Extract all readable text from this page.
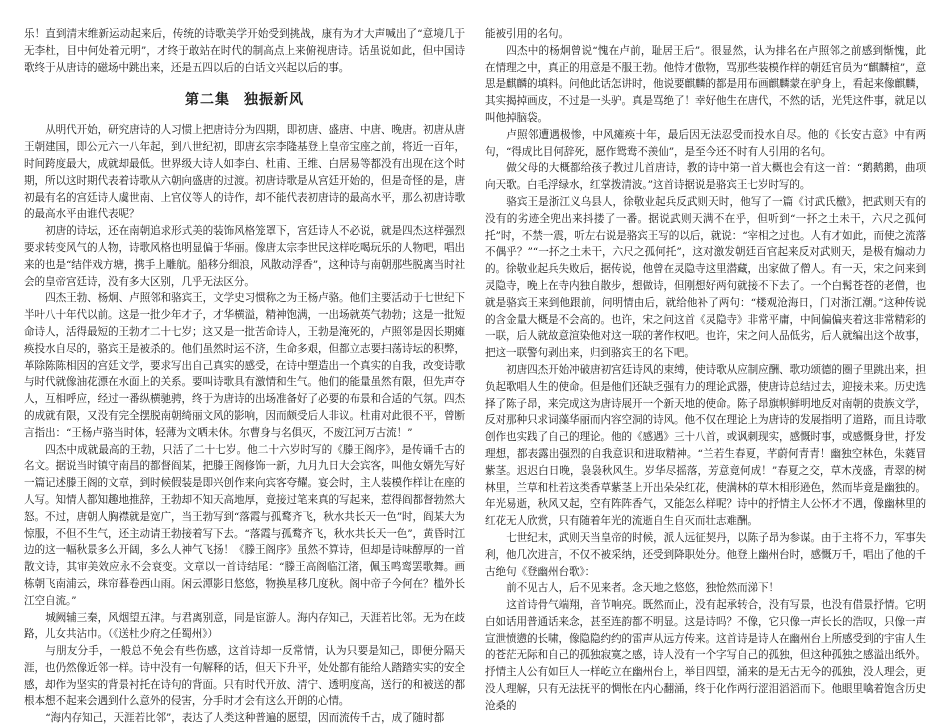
乐！直到清末维新运动起来后，传统的诗歌美学开始受到挑战，康有为才大声喊出了“意境几于无李杜，目中何处着元明”，才终于敢站在时代的制高点上来俯视唐诗。话虽说如此，但中国诗歌终于从唐诗的磁场中跳出来，还是五四以后的白话文兴起以后的事。

第二集 独振新风

从明代开始，研究唐诗的人习惯上把唐诗分为四期，即初唐、盛唐、中唐、晚唐。初唐从唐王朝建国，即公元六一八年起，到八世纪初，即唐玄宗李隆基登上皇帝宝座之前，将近一百年，时间跨度最大，成就却最低。世界级大诗人如李白、杜甫、王维、白居易等都没有出现在这个时期，所以这时期代表着诗歌从六朝向盛唐的过渡。初唐诗歌是从宫廷开始的，但是奇怪的是，唐初最有名的宫廷诗人虞世南、上官仪等人的诗作，却不能代表初唐诗的最高水平，那么初唐诗歌的最高水平由谁代表呢？

初唐的诗坛，还在南朝追求形式美的装饰风格笼罩下，宫廷诗人不必说，就是四杰这样强烈要求转变风气的人物，诗歌风格也明显偏于华丽。像唐太宗李世民这样吃喝玩乐的人物吧，唱出来的也是“结伴戏方塘，携手上雕航。船移分细浪，风散动浮香”，这种诗与南朝那些脱离当时社会的皇帝宫廷诗，没有多大区别，几乎无法区分。

四杰王勃、杨炯、卢照邻和骆宾王，文学史习惯称之为王杨卢骆。他们主要活动于七世纪下半叶八十年代以前。这是一批少年才子，才华横溢，精神饱满，一出场就英气勃勃；这是一批短命诗人，活得最短的王勃才二十七岁；这又是一批苦命诗人，王勃是淹死的，卢照邻是因长期瘫痪投水自尽的，骆宾王是被杀的。他们虽然时运不济，生命多艰，但都立志要扫荡诗坛的积弊，革除陈陈相因的宫廷文学，要求写出自己真实的感受，在诗中塑造出一个真实的自我，改变诗歌与时代就像油花漂在水面上的关系。要叫诗歌具有激情和生气。他们的能量虽然有限，但先声夺人，互相呼应，经过一番纵横驰骋，终于为唐诗的出场准备好了必要的布景和合适的气氛。四杰的成就有限，又没有完全摆脱南朝绮丽文风的影响，因而颇受后人非议。杜甫对此很不平，曾断言指出：“王杨卢骆当时体，轻薄为文哂未休。尔曹身与名俱灭，不废江河万古流！”

四杰中成就最高的王勃，只活了二十七岁。他二十六岁时写的《滕王阁序》，是传诵千古的名文。据说当时镇守南昌的都督阎某，把滕王阁修饰一新，九月九日大会宾客，叫他女婿先写好一篇记述滕王阁的文章，到时候假装是即兴创作来向宾客夸耀。宴会时，主人装模作样让在座的人写。知情人都知趣地推辞，王勃却不知天高地厚，竟接过笔来真的写起来，惹得阎都督勃然大怒。不过，唐朝人胸襟就是宽广，当王勃写到“落霞与孤鹜齐飞，秋水共长天一色”时，阎某大为惊服，不但不生气，还主动请王勃接着写下去。“落霞与孤鹜齐飞，秋水共长天一色”，黄昏时江边的这一幅秋景多么开阔，多么人神气飞扬！《滕王阁序》虽然不算诗，但却是诗味醇厚的一首散文诗，其审美效应永不会衰变。文章以一首诗结尾：“滕王高阁临江渚，佩玉鸣鸾罢歌舞。画栋朝飞南浦云，珠帘暮卷西山雨。闲云潭影日悠悠，物换星移几度秋。阁中帝子今何在？槛外长江空自流。”

城阙辅三秦，风烟望五津。与君离别意，同是宦游人。海内存知己，天涯若比邻。无为在歧路，儿女共沾巾。（《送杜少府之任蜀州》）

与朋友分手，一般总不免会有些伤感，这首诗却一反常情，认为只要是知己，即便分隔天涯，也仍然像近邻一样。诗中没有一句解释的话，但天下升平，处处都有能给人踏踏实实的安全感，却作为坚实的背景衬托在诗句的背面。只有时代开放、清宁、透明度高，送行的和被送的都根本想不起来会遇到什么意外的侵害，分手时才会有这么开朗的心情。

“海内存知己，天涯若比邻”，表达了人类这种普遍的愿望，因而流传千古，成了随时都

能被引用的名句。

四杰中的杨炯曾说“愧在卢前，耻居王后”。很显然，认为排名在卢照邻之前感到惭愧，此在情理之中，真正的用意是不服王勃。他恃才傲物，骂那些装模作样的朝廷官员为“麒麟楦”，意思是麒麟的填料。问他此话怎讲时，他说要麒麟的都是用布画麒麟蒙在驴身上，看起来像麒麟，其实揭掉画皮，不过是一头驴。真是骂绝了！幸好他生在唐代，不然的话，光凭这件事，就足以叫他掉脑袋。

卢照邻遭遇极惨，中风瘫痪十年，最后因无法忍受而投水自尽。他的《长安古意》中有两句，“得成比目何辞死，愿作鸳鸯不羡仙”，是至今还不时有人引用的名句。

做父母的大概都给孩子教过儿首唐诗，教的诗中第一首大概也会有这一首：“鹅鹅鹅，曲项向天歌。白毛浮绿水，红掌拨清波。”这首诗据说是骆宾王七岁时写的。

骆宾王是浙江义乌县人，徐敬业起兵反武则天时，他写了一篇《讨武氏檄》，把武则天有的没有的劣迹全兜出来抖搂了一番。据说武则天满不在乎，但听到“一抔之土未干，六尺之孤何托”时，不禁一震，听左右说是骆宾王写的以后，就说：“宰相之过也。人有才如此，而使之流落不偶乎？”“一抔之土未干，六尺之孤何托”，这对激发朝廷百官起来反对武则天，是极有煽动力的。徐敬业起兵失败后，据传说，他曾在灵隐寺这里潜藏，出家做了僧人。有一天，宋之问来到灵隐寺，晚上在寺内独自散步，想做诗，但刚想好两句就接不下去了。一个白髯苍苍的老僧，也就是骆宾王来到他跟前，问明情由后，就给他补了两句：“楼观沧海日，门对浙江潮。”这种传说的含金量大概是不会高的。也许，宋之问这首《灵隐寺》非常平庸，中间偏偏夹着这非常精彩的一联，后人就故意渲染他对这一联的著作权吧。也许，宋之问人品低劣，后人就编出这个故事，把这一联警句剥出来，归到骆宾王的名下吧。

初唐四杰开始冲破唐初宫廷诗风的束缚，使诗歌从应制应酬、歌功颂德的圈子里跳出来，担负起歌唱人生的使命。但是他们还缺乏强有力的理论武器，使唐诗总结过去，迎接未来。历史选择了陈子昂，来完成这为唐诗展开一个新天地的使命。陈子昂旗帜鲜明地反对南朝的贵族文学，反对那种只求词藻华丽而内容空洞的诗风。他不仅在理论上为唐诗的发展指明了道路，而且诗歌创作也实践了自己的理论。他的《感遇》三十八首，或讽刺现实，感慨时事，或感慨身世，抒发理想，都表露出强烈的自我意识和进取精神。“兰若生春夏，芊蔚何青青！幽独空林色，朱蕤冒紫茎。迟迟白日晚，袅袅秋风生。岁华尽摇落，芳意竟何成！”春夏之交，草木茂盛，青翠的树林里，兰草和杜若这类香草紫茎上开出朵朵红花，使满林的草木相形逊色，然而毕竟是幽独的。年光易逝，秋风又起，空有阵阵香气，又能怎么样呢？诗中的抒情主人公怀才不遇，像幽林里的红花无人欣赏，只有随着年光的流逝自生自灭而壮志难酬。

七世纪末，武则天当皇帝的时候，派人远征契丹，以陈子昂为参谋。由于主将不力，军事失利，他几次进言，不仅不被采纳，还受到降职处分。他登上幽州台时，感慨万千，唱出了他的千古绝句《登幽州台歌》：

前不见古人，后不见来者。念天地之悠悠，独怆然而涕下！

这首诗骨气端翔，音节响亮。既然而止，没有起承转合，没有写景，也没有借景抒情。它明白如话用普通话来念，甚至连韵都不明显。这是诗吗？不像，它只像一声长长的浩叹，只像一声宣泄愤懑的长啸，像隐隐约约的雷声从远方传来。这首诗是诗人在幽州台上所感受到的宇宙人生的苍茫无际和自己的孤独寂寞之感，诗人没有一个字写自己的孤独，但这种孤独之感溢出纸外。抒情主人公有如巨人一样屹立在幽州台上，举目四望，涌来的是无古无今的孤独，没人理会，更没人理解，只有无法抚平的惆怅在内心翻涌，终于化作两行涩泪滔滔而下。他眼里噙着饱含历史沧桑的
